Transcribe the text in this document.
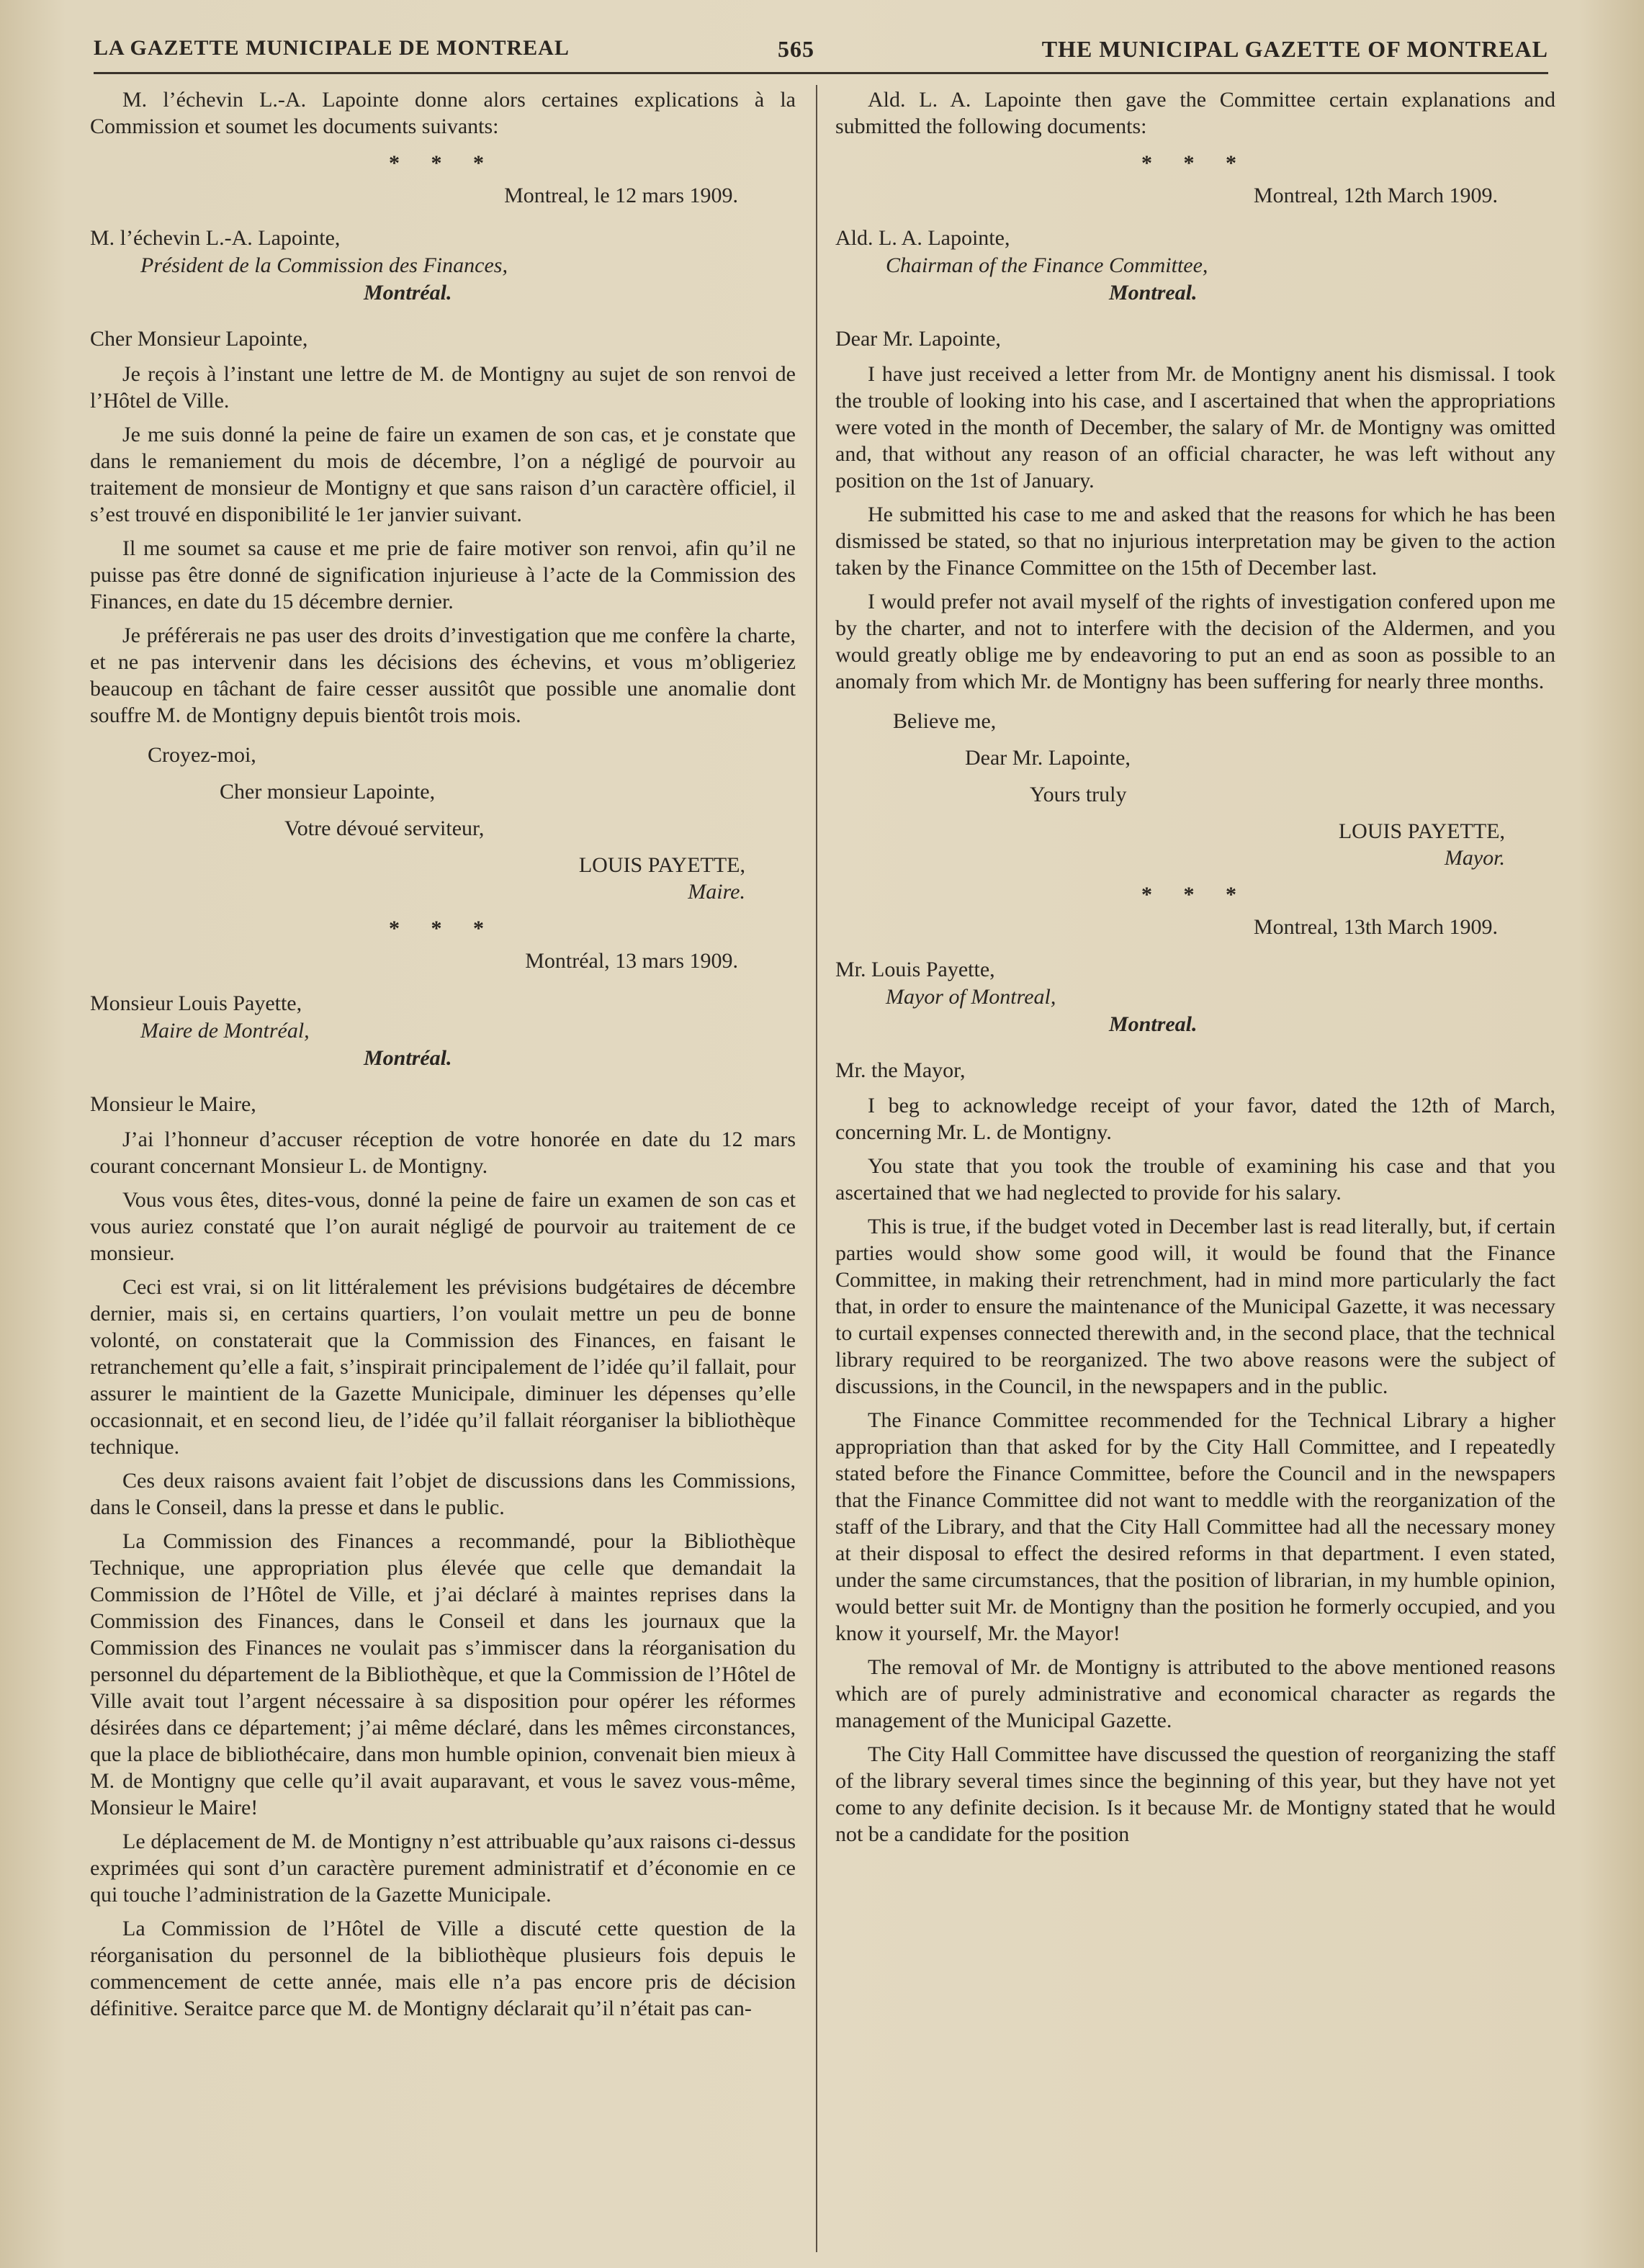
LA GAZETTE MUNICIPALE DE MONTREAL	565	THE MUNICIPAL GAZETTE OF MONTREAL

M. l’échevin L.-A. Lapointe donne alors certaines explications à la Commission et soumet les documents suivants:

* * *
Montreal, le 12 mars 1909.
M. l’échevin L.-A. Lapointe,
Président de la Commission des Finances,
Montréal.
Cher Monsieur Lapointe,

Je reçois à l’instant une lettre de M. de Montigny au sujet de son renvoi de l’Hôtel de Ville.

Je me suis donné la peine de faire un examen de son cas, et je constate que dans le remaniement du mois de décembre, l’on a négligé de pourvoir au traitement de monsieur de Montigny et que sans raison d’un caractère officiel, il s’est trouvé en disponibilité le 1er janvier suivant.

Il me soumet sa cause et me prie de faire motiver son renvoi, afin qu’il ne puisse pas être donné de signification injurieuse à l’acte de la Commission des Finances, en date du 15 décembre dernier.

Je préférerais ne pas user des droits d’investigation que me confère la charte, et ne pas intervenir dans les décisions des échevins, et vous m’obligeriez beaucoup en tâchant de faire cesser aussitôt que possible une anomalie dont souffre M. de Montigny depuis bientôt trois mois.

Croyez-moi,
Cher monsieur Lapointe,
Votre dévoué serviteur,
LOUIS PAYETTE,
Maire.
* * *
Montréal, 13 mars 1909.
Monsieur Louis Payette,
Maire de Montréal,
Montréal.
Monsieur le Maire,

J’ai l’honneur d’accuser réception de votre honorée en date du 12 mars courant concernant Monsieur L. de Montigny.

Vous vous êtes, dites-vous, donné la peine de faire un examen de son cas et vous auriez constaté que l’on aurait négligé de pourvoir au traitement de ce monsieur.

Ceci est vrai, si on lit littéralement les prévisions budgétaires de décembre dernier, mais si, en certains quartiers, l’on voulait mettre un peu de bonne volonté, on constaterait que la Commission des Finances, en faisant le retranchement qu’elle a fait, s’inspirait principalement de l’idée qu’il fallait, pour assurer le maintient de la Gazette Municipale, diminuer les dépenses qu’elle occasionnait, et en second lieu, de l’idée qu’il fallait réorganiser la bibliothèque technique.

Ces deux raisons avaient fait l’objet de discussions dans les Commissions, dans le Conseil, dans la presse et dans le public.

La Commission des Finances a recommandé, pour la Bibliothèque Technique, une appropriation plus élevée que celle que demandait la Commission de l’Hôtel de Ville, et j’ai déclaré à maintes reprises dans la Commission des Finances, dans le Conseil et dans les journaux que la Commission des Finances ne voulait pas s’immiscer dans la réorganisation du personnel du département de la Bibliothèque, et que la Commission de l’Hôtel de Ville avait tout l’argent nécessaire à sa disposition pour opérer les réformes désirées dans ce département; j’ai même déclaré, dans les mêmes circonstances, que la place de bibliothécaire, dans mon humble opinion, convenait bien mieux à M. de Montigny que celle qu’il avait auparavant, et vous le savez vous-même, Monsieur le Maire!

Le déplacement de M. de Montigny n’est attribuable qu’aux raisons ci-dessus exprimées qui sont d’un caractère purement administratif et d’économie en ce qui touche l’administration de la Gazette Municipale.

La Commission de l’Hôtel de Ville a discuté cette question de la réorganisation du personnel de la bibliothèque plusieurs fois depuis le commencement de cette année, mais elle n’a pas encore pris de décision définitive. Seraitce parce que M. de Montigny déclarait qu’il n’était pas can-

Ald. L. A. Lapointe then gave the Committee certain explanations and submitted the following documents:

* * *
Montreal, 12th March 1909.
Ald. L. A. Lapointe,
Chairman of the Finance Committee,
Montreal.
Dear Mr. Lapointe,

I have just received a letter from Mr. de Montigny anent his dismissal. I took the trouble of looking into his case, and I ascertained that when the appropriations were voted in the month of December, the salary of Mr. de Montigny was omitted and, that without any reason of an official character, he was left without any position on the 1st of January.

He submitted his case to me and asked that the reasons for which he has been dismissed be stated, so that no injurious interpretation may be given to the action taken by the Finance Committee on the 15th of December last.

I would prefer not avail myself of the rights of investigation confered upon me by the charter, and not to interfere with the decision of the Aldermen, and you would greatly oblige me by endeavoring to put an end as soon as possible to an anomaly from which Mr. de Montigny has been suffering for nearly three months.

Believe me,
Dear Mr. Lapointe,
Yours truly
LOUIS PAYETTE,
Mayor.
* * *
Montreal, 13th March 1909.
Mr. Louis Payette,
Mayor of Montreal,
Montreal.
Mr. the Mayor,

I beg to acknowledge receipt of your favor, dated the 12th of March, concerning Mr. L. de Montigny.

You state that you took the trouble of examining his case and that you ascertained that we had neglected to provide for his salary.

This is true, if the budget voted in December last is read literally, but, if certain parties would show some good will, it would be found that the Finance Committee, in making their retrenchment, had in mind more particularly the fact that, in order to ensure the maintenance of the Municipal Gazette, it was necessary to curtail expenses connected therewith and, in the second place, that the technical library required to be reorganized. The two above reasons were the subject of discussions, in the Council, in the newspapers and in the public.

The Finance Committee recommended for the Technical Library a higher appropriation than that asked for by the City Hall Committee, and I repeatedly stated before the Finance Committee, before the Council and in the newspapers that the Finance Committee did not want to meddle with the reorganization of the staff of the Library, and that the City Hall Committee had all the necessary money at their disposal to effect the desired reforms in that department. I even stated, under the same circumstances, that the position of librarian, in my humble opinion, would better suit Mr. de Montigny than the position he formerly occupied, and you know it yourself, Mr. the Mayor!

The removal of Mr. de Montigny is attributed to the above mentioned reasons which are of purely administrative and economical character as regards the management of the Municipal Gazette.

The City Hall Committee have discussed the question of reorganizing the staff of the library several times since the beginning of this year, but they have not yet come to any definite decision. Is it because Mr. de Montigny stated that he would not be a candidate for the position
